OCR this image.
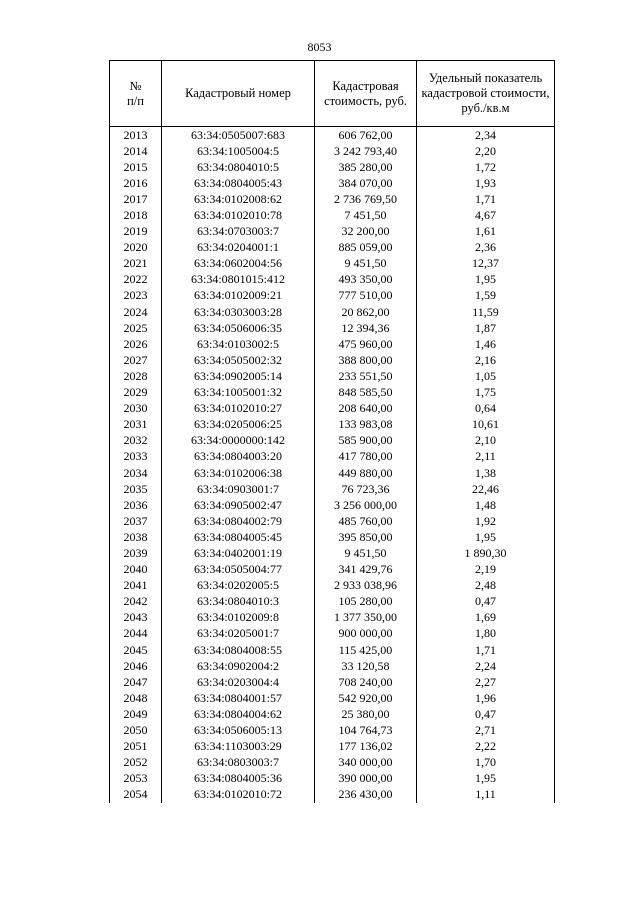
8053
№
п/п	Кадастровый номер	Кадастровая стоимость, руб.	Удельный показатель кадастровой стоимости, руб./кв.м
2013	63:34:0505007:683	606 762,00	2,34
2014	63:34:1005004:5	3 242 793,40	2,20
2015	63:34:0804010:5	385 280,00	1,72
2016	63:34:0804005:43	384 070,00	1,93
2017	63:34:0102008:62	2 736 769,50	1,71
2018	63:34:0102010:78	7 451,50	4,67
2019	63:34:0703003:7	32 200,00	1,61
2020	63:34:0204001:1	885 059,00	2,36
2021	63:34:0602004:56	9 451,50	12,37
2022	63:34:0801015:412	493 350,00	1,95
2023	63:34:0102009:21	777 510,00	1,59
2024	63:34:0303003:28	20 862,00	11,59
2025	63:34:0506006:35	12 394,36	1,87
2026	63:34:0103002:5	475 960,00	1,46
2027	63:34:0505002:32	388 800,00	2,16
2028	63:34:0902005:14	233 551,50	1,05
2029	63:34:1005001:32	848 585,50	1,75
2030	63:34:0102010:27	208 640,00	0,64
2031	63:34:0205006:25	133 983,08	10,61
2032	63:34:0000000:142	585 900,00	2,10
2033	63:34:0804003:20	417 780,00	2,11
2034	63:34:0102006:38	449 880,00	1,38
2035	63:34:0903001:7	76 723,36	22,46
2036	63:34:0905002:47	3 256 000,00	1,48
2037	63:34:0804002:79	485 760,00	1,92
2038	63:34:0804005:45	395 850,00	1,95
2039	63:34:0402001:19	9 451,50	1 890,30
2040	63:34:0505004:77	341 429,76	2,19
2041	63:34:0202005:5	2 933 038,96	2,48
2042	63:34:0804010:3	105 280,00	0,47
2043	63:34:0102009:8	1 377 350,00	1,69
2044	63:34:0205001:7	900 000,00	1,80
2045	63:34:0804008:55	115 425,00	1,71
2046	63:34:0902004:2	33 120,58	2,24
2047	63:34:0203004:4	708 240,00	2,27
2048	63:34:0804001:57	542 920,00	1,96
2049	63:34:0804004:62	25 380,00	0,47
2050	63:34:0506005:13	104 764,73	2,71
2051	63:34:1103003:29	177 136,02	2,22
2052	63:34:0803003:7	340 000,00	1,70
2053	63:34:0804005:36	390 000,00	1,95
2054	63:34:0102010:72	236 430,00	1,11
